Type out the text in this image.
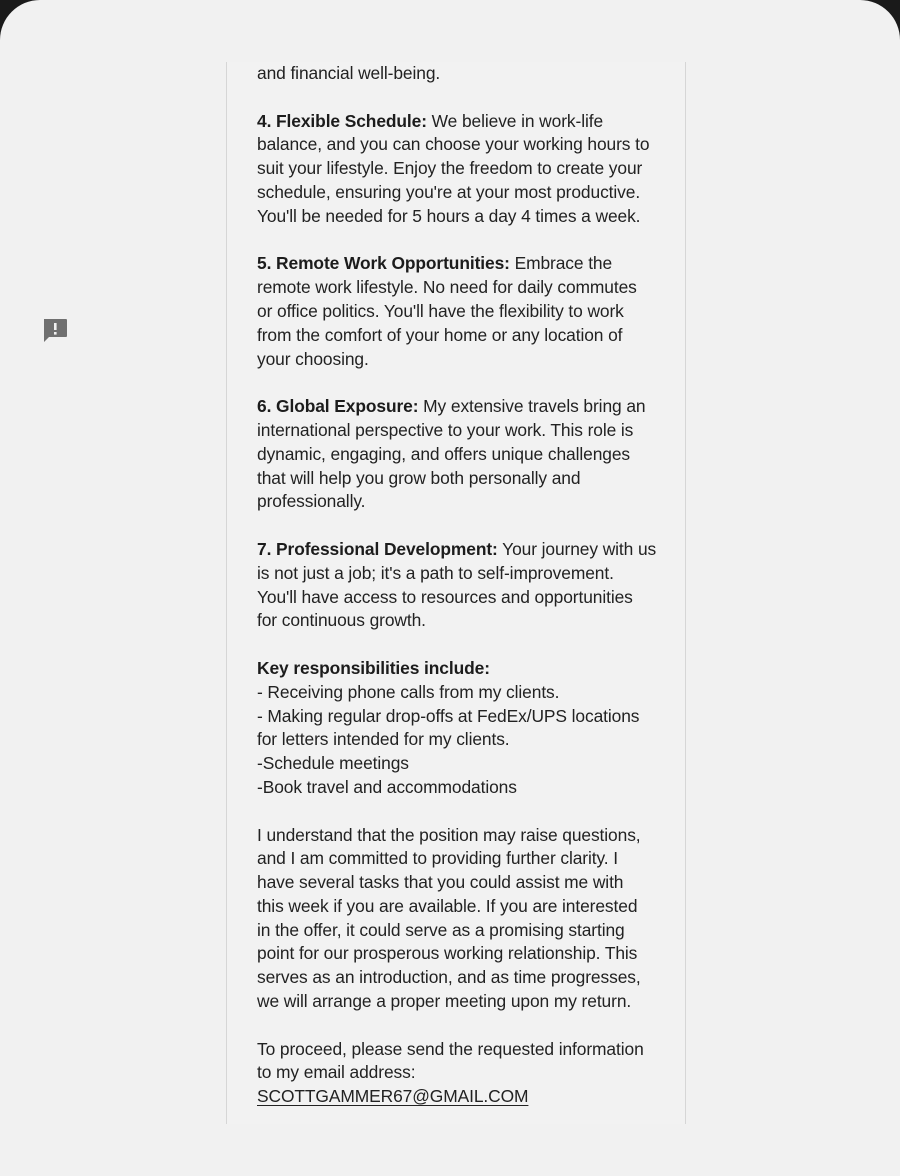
and financial well-being.

4. Flexible Schedule: We believe in work-life
balance, and you can choose your working hours to
suit your lifestyle. Enjoy the freedom to create your
schedule, ensuring you're at your most productive.
You'll be needed for 5 hours a day 4 times a week.

5. Remote Work Opportunities: Embrace the
remote work lifestyle. No need for daily commutes
or office politics. You'll have the flexibility to work
from the comfort of your home or any location of
your choosing.

6. Global Exposure: My extensive travels bring an
international perspective to your work. This role is
dynamic, engaging, and offers unique challenges
that will help you grow both personally and
professionally.

7. Professional Development: Your journey with us
is not just a job; it's a path to self-improvement.
You'll have access to resources and opportunities
for continuous growth.

Key responsibilities include:
- Receiving phone calls from my clients.
- Making regular drop-offs at FedEx/UPS locations
for letters intended for my clients.
-Schedule meetings
-Book travel and accommodations

I understand that the position may raise questions,
and I am committed to providing further clarity. I
have several tasks that you could assist me with
this week if you are available. If you are interested
in the offer, it could serve as a promising starting
point for our prosperous working relationship. This
serves as an introduction, and as time progresses,
we will arrange a proper meeting upon my return.

To proceed, please send the requested information
to my email address:
SCOTTGAMMER67@GMAIL.COM
